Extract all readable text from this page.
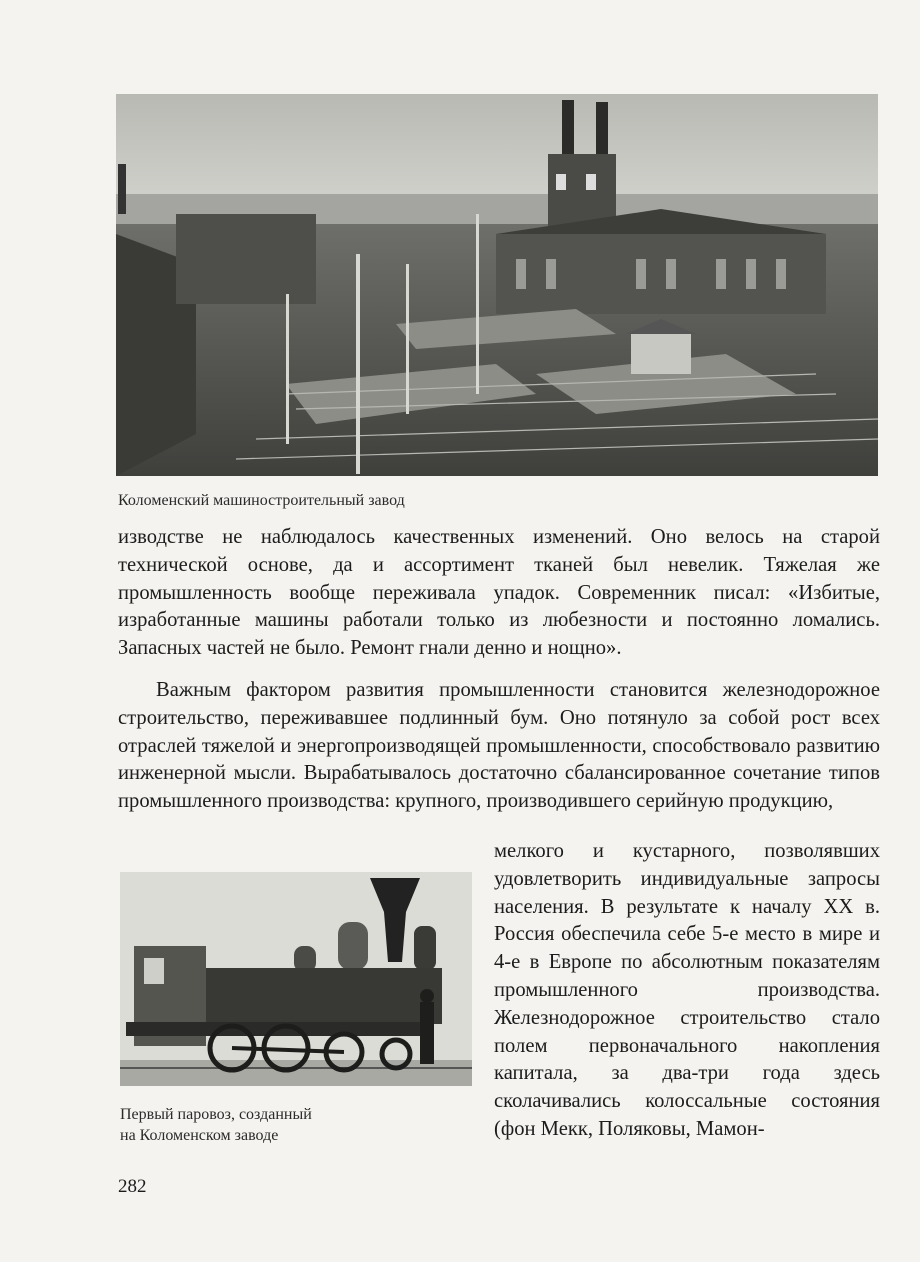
Коломенский машиностроительный завод

изводстве не наблюдалось качественных изменений. Оно велось на старой технической основе, да и ассортимент тканей был невелик. Тяжелая же промышленность вообще переживала упадок. Современник писал: «Избитые, изработанные машины работали только из любезности и постоянно ломались. Запасных частей не было. Ремонт гнали денно и нощно».

Важным фактором развития промышленности становится железнодорожное строительство, переживавшее подлинный бум. Оно потянуло за собой рост всех отраслей тяжелой и энергопроизводящей промышленности, способствовало развитию инженерной мысли. Вырабатывалось достаточно сбалансированное сочетание типов промышленного производства: крупного, производившего серийную продукцию,

Первый паровоз, созданный
на Коломенском заводе

мелкого и кустарного, позволявших удовлетворить индивидуальные запросы населения. В результате к началу XX в. Россия обеспечила себе 5-е место в мире и 4-е в Европе по абсолютным показателям промышленного производства. Железнодорожное строительство стало полем первоначального накопления капитала, за два-три года здесь сколачивались колоссальные состояния (фон Мекк, Поляковы, Мамон-

282
